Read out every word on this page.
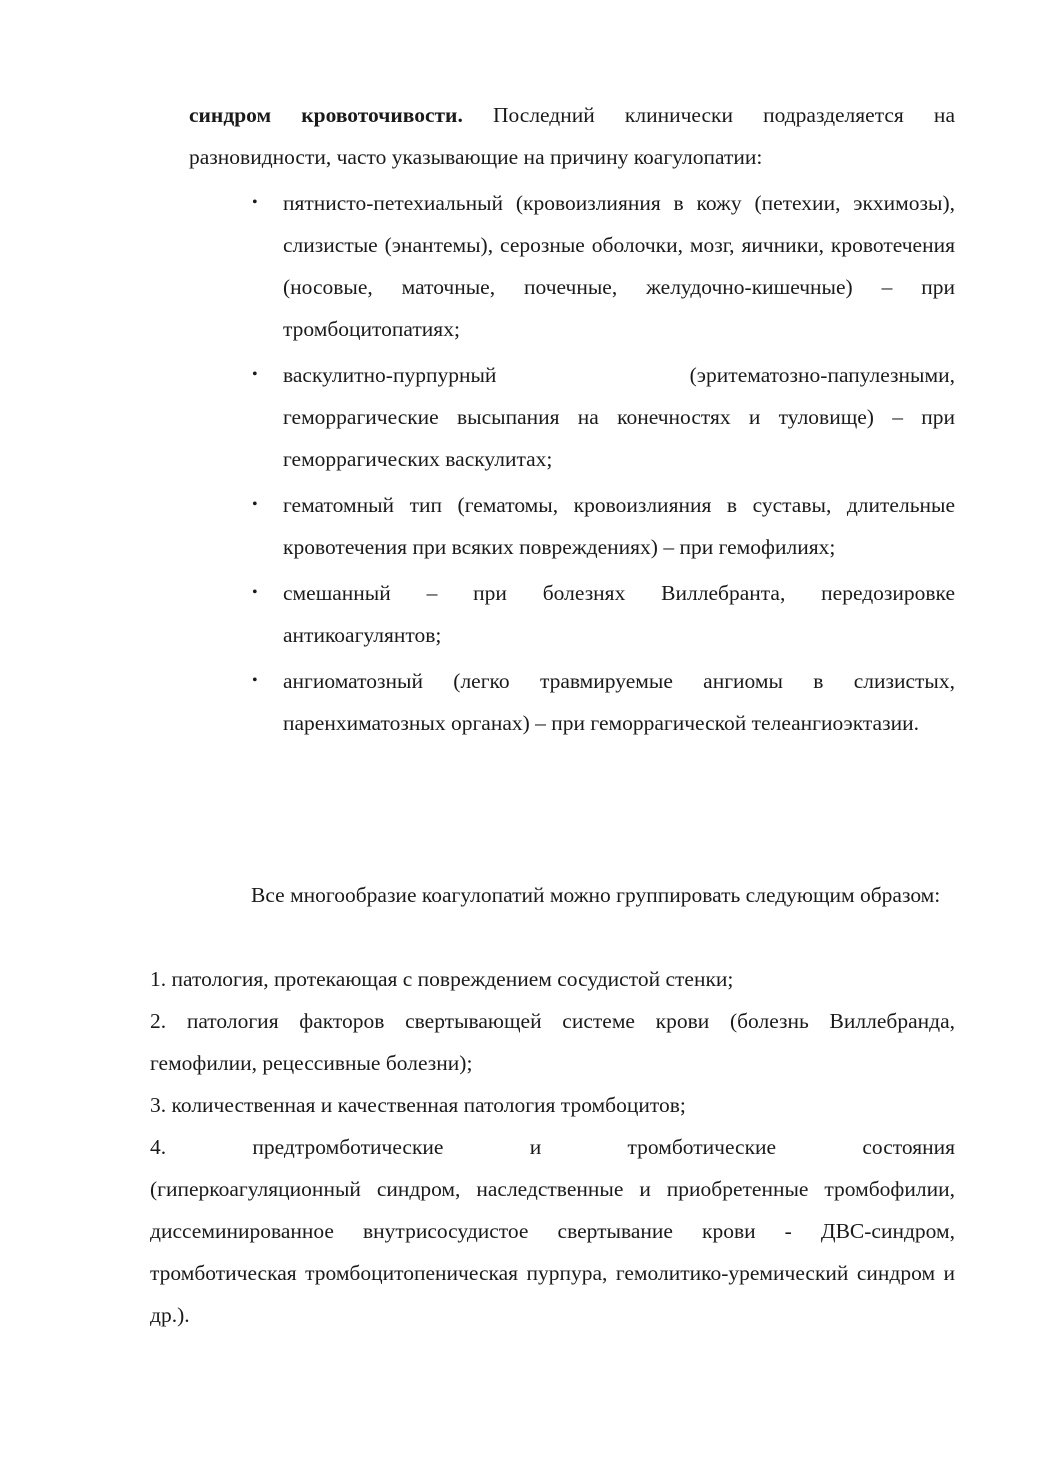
синдром кровоточивости. Последний клинически подразделяется на разновидности, часто указывающие на причину коагулопатии:

• пятнисто-петехиальный (кровоизлияния в кожу (петехии, экхимозы), слизистые (энантемы), серозные оболочки, мозг, яичники, кровотечения (носовые, маточные, почечные, желудочно-кишечные) – при тромбоцитопатиях;
• васкулитно-пурпурный                   (эритематозно-папулезными, геморрагические высыпания на конечностях и туловище) – при геморрагических васкулитах;
• гематомный тип (гематомы, кровоизлияния в суставы, длительные кровотечения при всяких повреждениях) – при гемофилиях;
• смешанный – при болезнях Виллебранта, передозировке антикоагулянтов;
• ангиоматозный (легко травмируемые ангиомы в слизистых, паренхиматозных органах) – при геморрагической телеангиоэктазии.

Все многообразие коагулопатий можно группировать следующим образом:

1. патология, протекающая с повреждением сосудистой стенки;
2. патология факторов свертывающей системе крови (болезнь Виллебранда, гемофилии, рецессивные болезни);
3. количественная и качественная патология тромбоцитов;
4.       предтромботические       и       тромботические       состояния (гиперкоагуляционный синдром, наследственные и приобретенные тромбофилии, диссеминированное внутрисосудистое свертывание крови - ДВС-синдром, тромботическая тромбоцитопеническая пурпура, гемолитико-уремический синдром и др.).
